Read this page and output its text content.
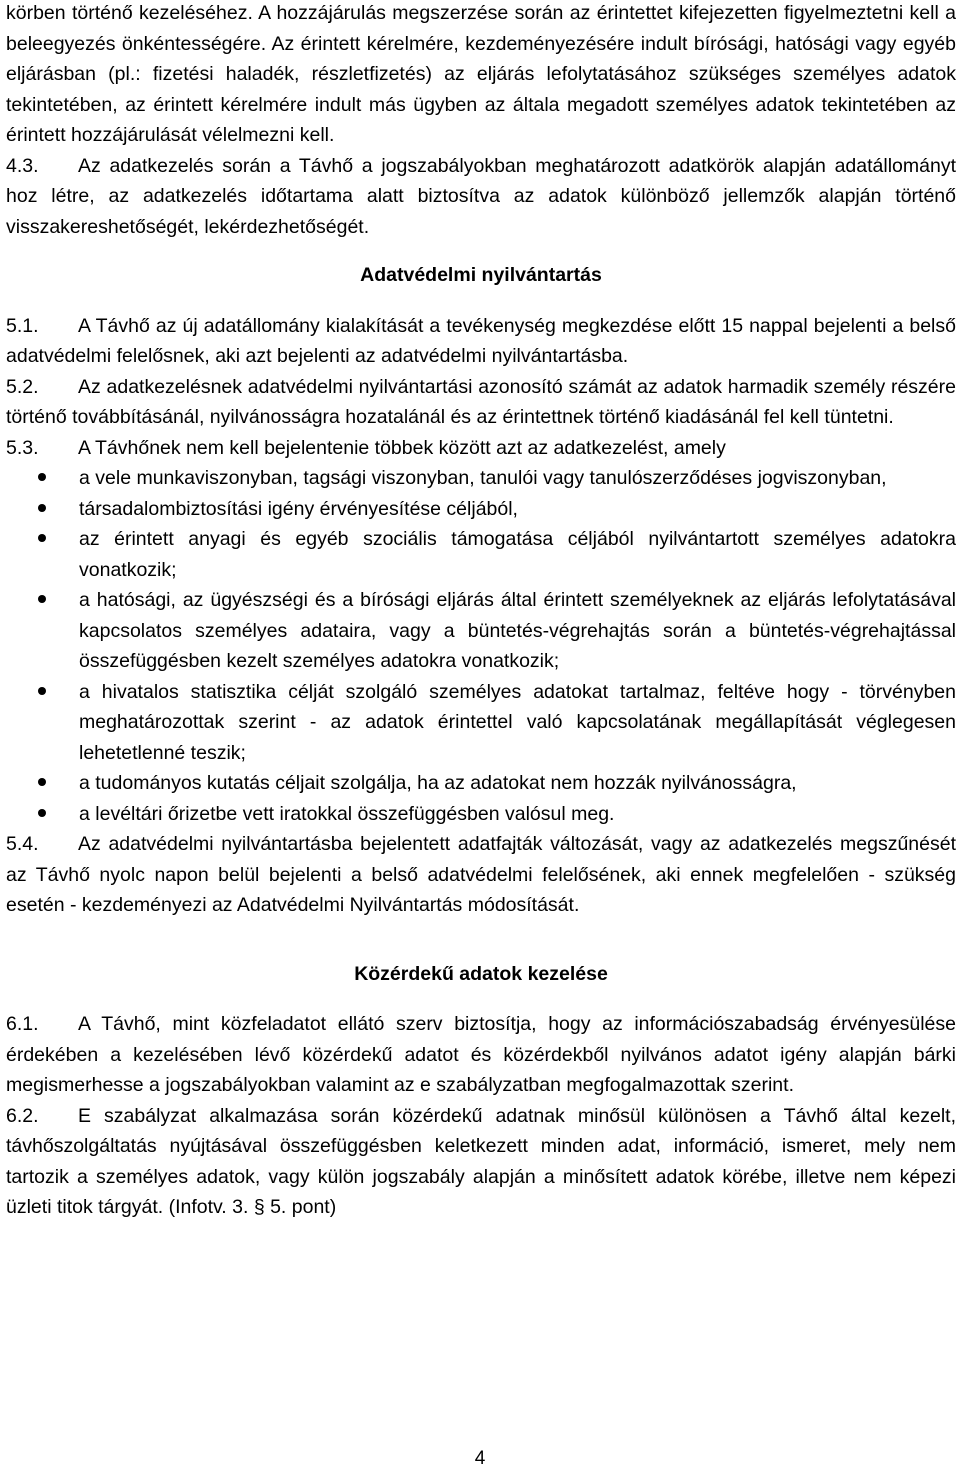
körben történő kezeléséhez. A hozzájárulás megszerzése során az érintettet kifejezetten figyelmeztetni kell a beleegyezés önkéntességére. Az érintett kérelmére, kezdeményezésére indult bírósági, hatósági vagy egyéb eljárásban (pl.: fizetési haladék, részletfizetés) az eljárás lefolytatásához szükséges személyes adatok tekintetében, az érintett kérelmére indult más ügyben az általa megadott személyes adatok tekintetében az érintett hozzájárulását vélelmezni kell.

4.3. Az adatkezelés során a Távhő a jogszabályokban meghatározott adatkörök alapján adatállományt hoz létre, az adatkezelés időtartama alatt biztosítva az adatok különböző jellemzők alapján történő visszakereshetőségét, lekérdezhetőségét.

Adatvédelmi nyilvántartás

5.1. A Távhő az új adatállomány kialakítását a tevékenység megkezdése előtt 15 nappal bejelenti a belső adatvédelmi felelősnek, aki azt bejelenti az adatvédelmi nyilvántartásba.

5.2. Az adatkezelésnek adatvédelmi nyilvántartási azonosító számát az adatok harmadik személy részére történő továbbításánál, nyilvánosságra hozatalánál és az érintettnek történő kiadásánál fel kell tüntetni.

5.3. A Távhőnek nem kell bejelentenie többek között azt az adatkezelést, amely

a vele munkaviszonyban, tagsági viszonyban, tanulói vagy tanulószerződéses jogviszonyban,
társadalombiztosítási igény érvényesítése céljából,
az érintett anyagi és egyéb szociális támogatása céljából nyilvántartott személyes adatokra vonatkozik;
a hatósági, az ügyészségi és a bírósági eljárás által érintett személyeknek az eljárás lefolytatásával kapcsolatos személyes adataira, vagy a büntetés-végrehajtás során a büntetés-végrehajtással összefüggésben kezelt személyes adatokra vonatkozik;
a hivatalos statisztika célját szolgáló személyes adatokat tartalmaz, feltéve hogy - törvényben meghatározottak szerint - az adatok érintettel való kapcsolatának megállapítását véglegesen lehetetlenné teszik;
a tudományos kutatás céljait szolgálja, ha az adatokat nem hozzák nyilvánosságra,
a levéltári őrizetbe vett iratokkal összefüggésben valósul meg.

5.4. Az adatvédelmi nyilvántartásba bejelentett adatfajták változását, vagy az adatkezelés megszűnését az Távhő nyolc napon belül bejelenti a belső adatvédelmi felelősének, aki ennek megfelelően - szükség esetén - kezdeményezi az Adatvédelmi Nyilvántartás módosítását.

Közérdekű adatok kezelése

6.1. A Távhő, mint közfeladatot ellátó szerv biztosítja, hogy az információszabadság érvényesülése érdekében a kezelésében lévő közérdekű adatot és közérdekből nyilvános adatot igény alapján bárki megismerhesse a jogszabályokban valamint az e szabályzatban megfogalmazottak szerint.

6.2. E szabályzat alkalmazása során közérdekű adatnak minősül különösen a Távhő által kezelt, távhőszolgáltatás nyújtásával összefüggésben keletkezett minden adat, információ, ismeret, mely nem tartozik a személyes adatok, vagy külön jogszabály alapján a minősített adatok körébe, illetve nem képezi üzleti titok tárgyát. (Infotv. 3. § 5. pont)

4
